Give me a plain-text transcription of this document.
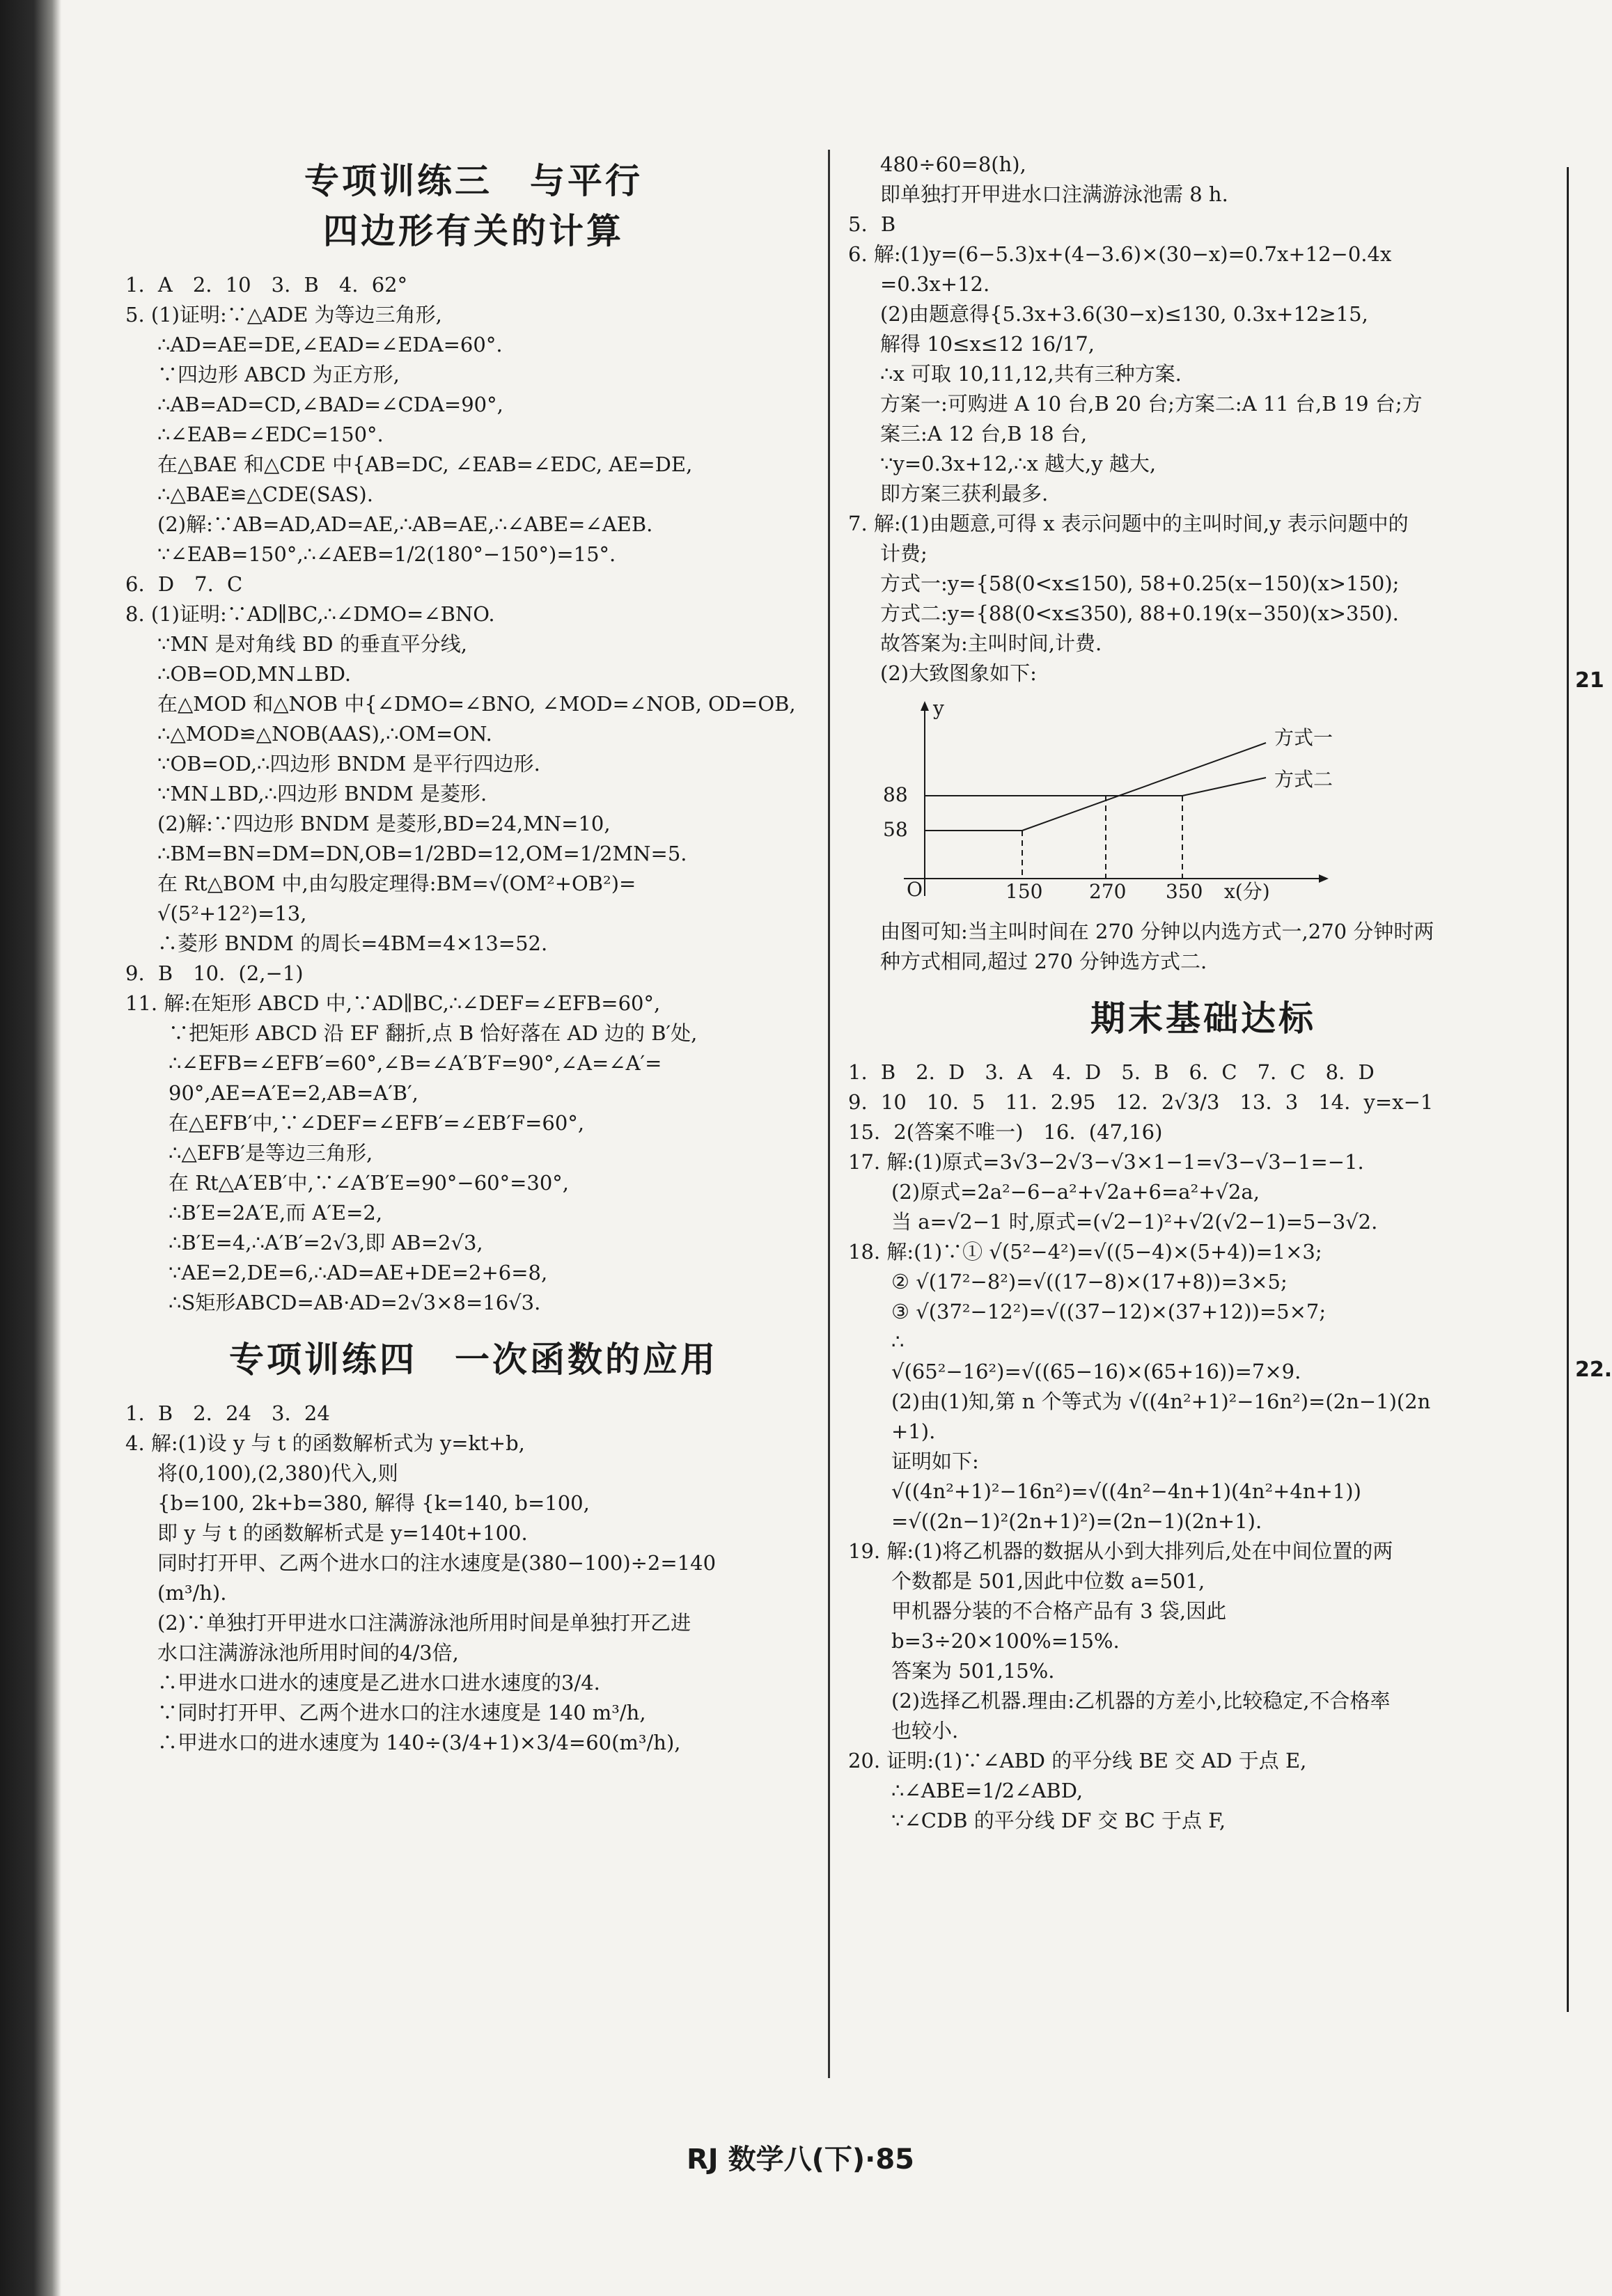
21
22.
专项训练三　与平行
四边形有关的计算
1. A　2. 10　3. B　4. 62°
5. (1)证明:∵△ADE 为等边三角形,
∴AD=AE=DE,∠EAD=∠EDA=60°.
∵四边形 ABCD 为正方形,
∴AB=AD=CD,∠BAD=∠CDA=90°,
∴∠EAB=∠EDC=150°.
在△BAE 和△CDE 中{AB=DC, ∠EAB=∠EDC, AE=DE,
∴△BAE≌△CDE(SAS).
(2)解:∵AB=AD,AD=AE,∴AB=AE,∴∠ABE=∠AEB.
∵∠EAB=150°,∴∠AEB=1/2(180°−150°)=15°.
6. D　7. C
8. (1)证明:∵AD∥BC,∴∠DMO=∠BNO.
∵MN 是对角线 BD 的垂直平分线,
∴OB=OD,MN⊥BD.
在△MOD 和△NOB 中{∠DMO=∠BNO, ∠MOD=∠NOB, OD=OB,
∴△MOD≌△NOB(AAS),∴OM=ON.
∵OB=OD,∴四边形 BNDM 是平行四边形.
∵MN⊥BD,∴四边形 BNDM 是菱形.
(2)解:∵四边形 BNDM 是菱形,BD=24,MN=10,
∴BM=BN=DM=DN,OB=1/2BD=12,OM=1/2MN=5.
在 Rt△BOM 中,由勾股定理得:BM=√(OM²+OB²)=
√(5²+12²)=13,
∴菱形 BNDM 的周长=4BM=4×13=52.
9. B　10. (2,−1)
11. 解:在矩形 ABCD 中,∵AD∥BC,∴∠DEF=∠EFB=60°,
∵把矩形 ABCD 沿 EF 翻折,点 B 恰好落在 AD 边的 B′处,
∴∠EFB=∠EFB′=60°,∠B=∠A′B′F=90°,∠A=∠A′=
90°,AE=A′E=2,AB=A′B′,
在△EFB′中,∵∠DEF=∠EFB′=∠EB′F=60°,
∴△EFB′是等边三角形,
在 Rt△A′EB′中,∵∠A′B′E=90°−60°=30°,
∴B′E=2A′E,而 A′E=2,
∴B′E=4,∴A′B′=2√3,即 AB=2√3,
∵AE=2,DE=6,∴AD=AE+DE=2+6=8,
∴S矩形ABCD=AB·AD=2√3×8=16√3.
专项训练四　一次函数的应用
1. B　2. 24　3. 24
4. 解:(1)设 y 与 t 的函数解析式为 y=kt+b,
将(0,100),(2,380)代入,则
{b=100, 2k+b=380, 解得 {k=140, b=100,
即 y 与 t 的函数解析式是 y=140t+100.
同时打开甲、乙两个进水口的注水速度是(380−100)÷2=140
(m³/h).
(2)∵单独打开甲进水口注满游泳池所用时间是单独打开乙进
水口注满游泳池所用时间的4/3倍,
∴甲进水口进水的速度是乙进水口进水速度的3/4.
∵同时打开甲、乙两个进水口的注水速度是 140 m³/h,
∴甲进水口的进水速度为 140÷(3/4+1)×3/4=60(m³/h),
480÷60=8(h),
即单独打开甲进水口注满游泳池需 8 h.
5. B
6. 解:(1)y=(6−5.3)x+(4−3.6)×(30−x)=0.7x+12−0.4x
=0.3x+12.
(2)由题意得{5.3x+3.6(30−x)≤130, 0.3x+12≥15,
解得 10≤x≤12 16/17,
∴x 可取 10,11,12,共有三种方案.
方案一:可购进 A 10 台,B 20 台;方案二:A 11 台,B 19 台;方
案三:A 12 台,B 18 台,
∵y=0.3x+12,∴x 越大,y 越大,
即方案三获利最多.
7. 解:(1)由题意,可得 x 表示问题中的主叫时间,y 表示问题中的
计费;
方式一:y={58(0<x≤150), 58+0.25(x−150)(x>150);
方式二:y={88(0<x≤350), 88+0.19(x−350)(x>350).
故答案为:主叫时间,计费.
(2)大致图象如下:
y
O
88
58
150 270 350 x(分)
方式一
方式二
由图可知:当主叫时间在 270 分钟以内选方式一,270 分钟时两
种方式相同,超过 270 分钟选方式二.
期末基础达标
1. B　2. D　3. A　4. D　5. B　6. C　7. C　8. D
9. 10　10. 5　11. 2.95　12. 2√3/3　13. 3　14. y=x−1
15. 2(答案不唯一)　16. (47,16)
17. 解:(1)原式=3√3−2√3−√3×1−1=√3−√3−1=−1.
(2)原式=2a²−6−a²+√2a+6=a²+√2a,
当 a=√2−1 时,原式=(√2−1)²+√2(√2−1)=5−3√2.
18. 解:(1)∵① √(5²−4²)=√((5−4)×(5+4))=1×3;
② √(17²−8²)=√((17−8)×(17+8))=3×5;
③ √(37²−12²)=√((37−12)×(37+12))=5×7;
∴
√(65²−16²)=√((65−16)×(65+16))=7×9.
(2)由(1)知,第 n 个等式为 √((4n²+1)²−16n²)=(2n−1)(2n
+1).
证明如下:
√((4n²+1)²−16n²)=√((4n²−4n+1)(4n²+4n+1))
=√((2n−1)²(2n+1)²)=(2n−1)(2n+1).
19. 解:(1)将乙机器的数据从小到大排列后,处在中间位置的两
个数都是 501,因此中位数 a=501,
甲机器分装的不合格产品有 3 袋,因此
b=3÷20×100%=15%.
答案为 501,15%.
(2)选择乙机器.理由:乙机器的方差小,比较稳定,不合格率
也较小.
20. 证明:(1)∵∠ABD 的平分线 BE 交 AD 于点 E,
∴∠ABE=1/2∠ABD,
∵∠CDB 的平分线 DF 交 BC 于点 F,
RJ 数学八(下)·85
